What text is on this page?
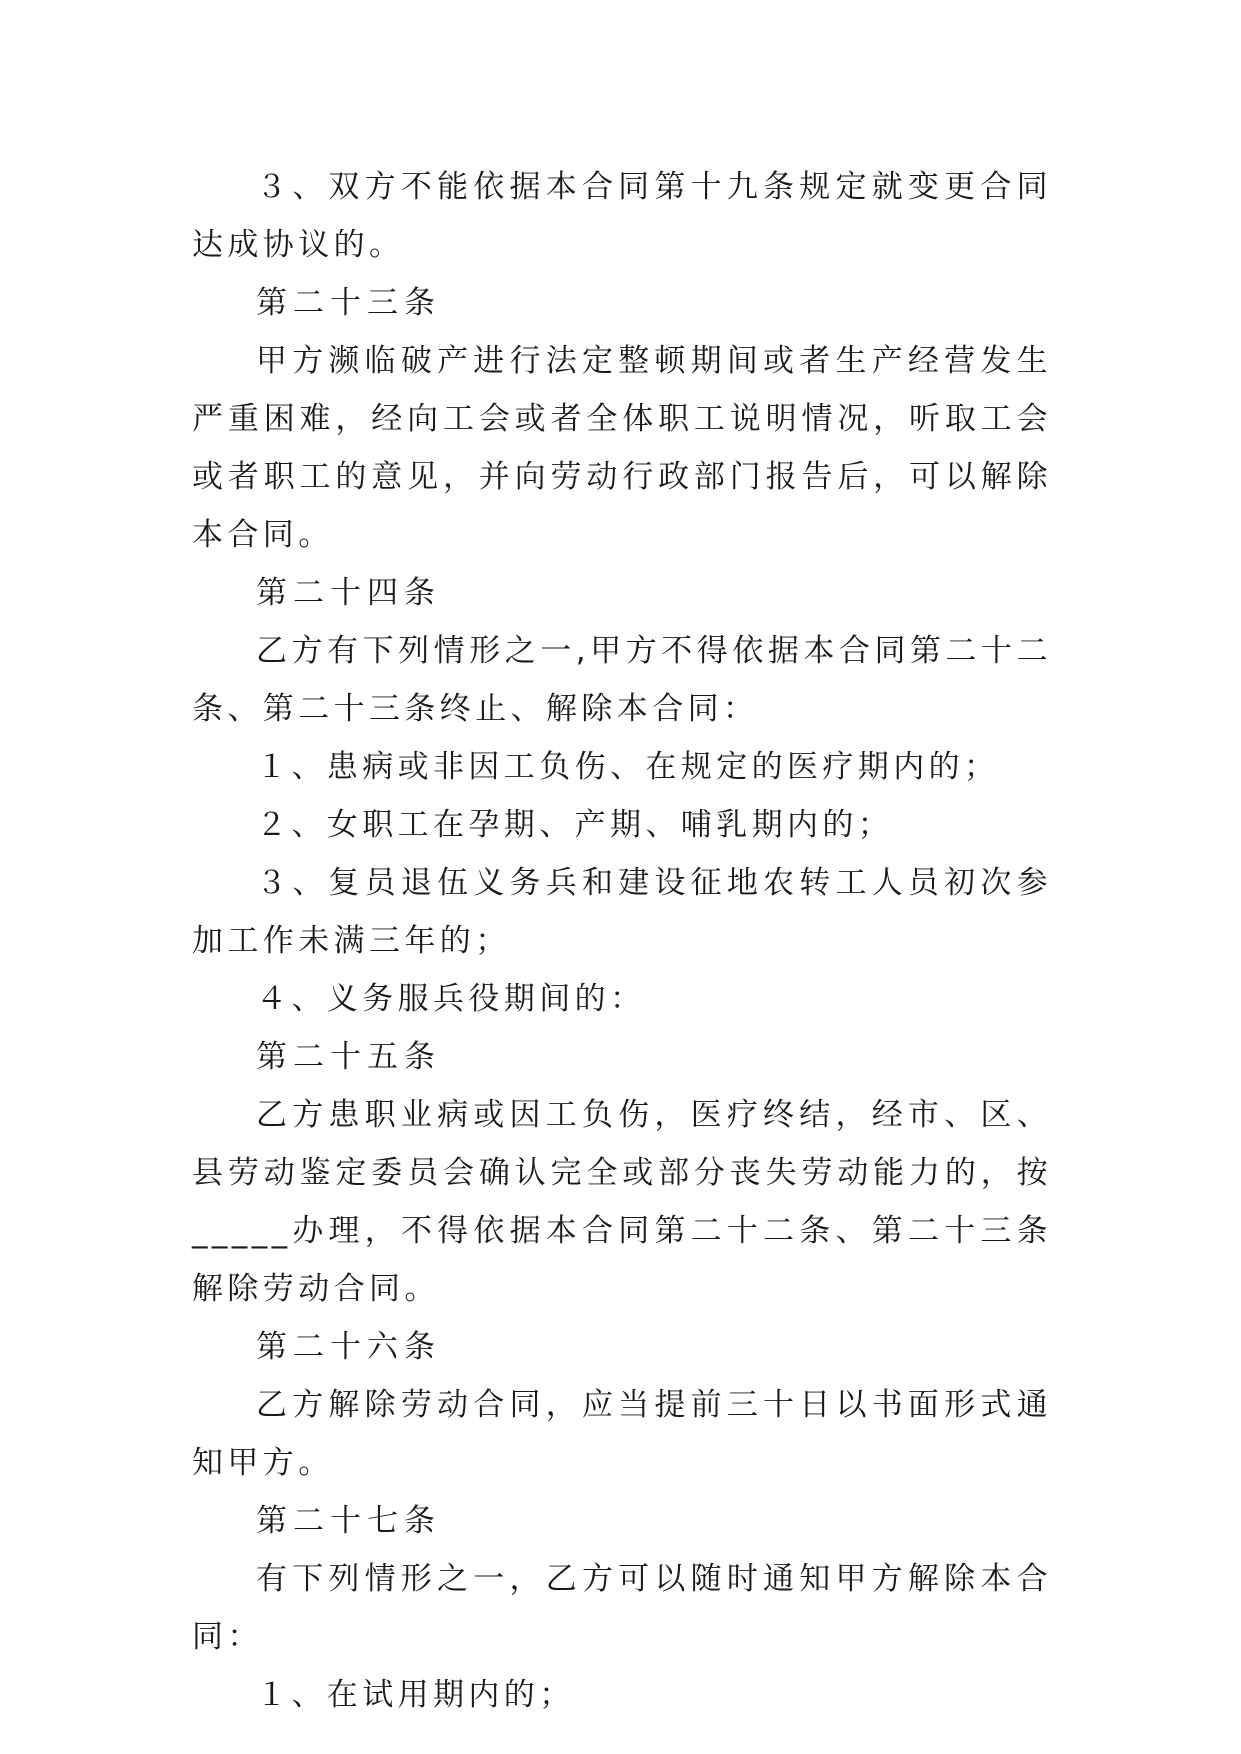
３、双方不能依据本合同第十九条规定就变更合同达成协议的。

第二十三条

甲方濒临破产进行法定整顿期间或者生产经营发生严重困难，经向工会或者全体职工说明情况，听取工会或者职工的意见，并向劳动行政部门报告后，可以解除本合同。

第二十四条

乙方有下列情形之一,甲方不得依据本合同第二十二条、第二十三条终止、解除本合同：

１、患病或非因工负伤、在规定的医疗期内的；

２、女职工在孕期、产期、哺乳期内的；

３、复员退伍义务兵和建设征地农转工人员初次参加工作未满三年的；

４、义务服兵役期间的：

第二十五条

乙方患职业病或因工负伤，医疗终结，经市、区、县劳动鉴定委员会确认完全或部分丧失劳动能力的，按_____办理，不得依据本合同第二十二条、第二十三条解除劳动合同。

第二十六条

乙方解除劳动合同，应当提前三十日以书面形式通知甲方。

第二十七条

有下列情形之一，乙方可以随时通知甲方解除本合同：

１、在试用期内的；
